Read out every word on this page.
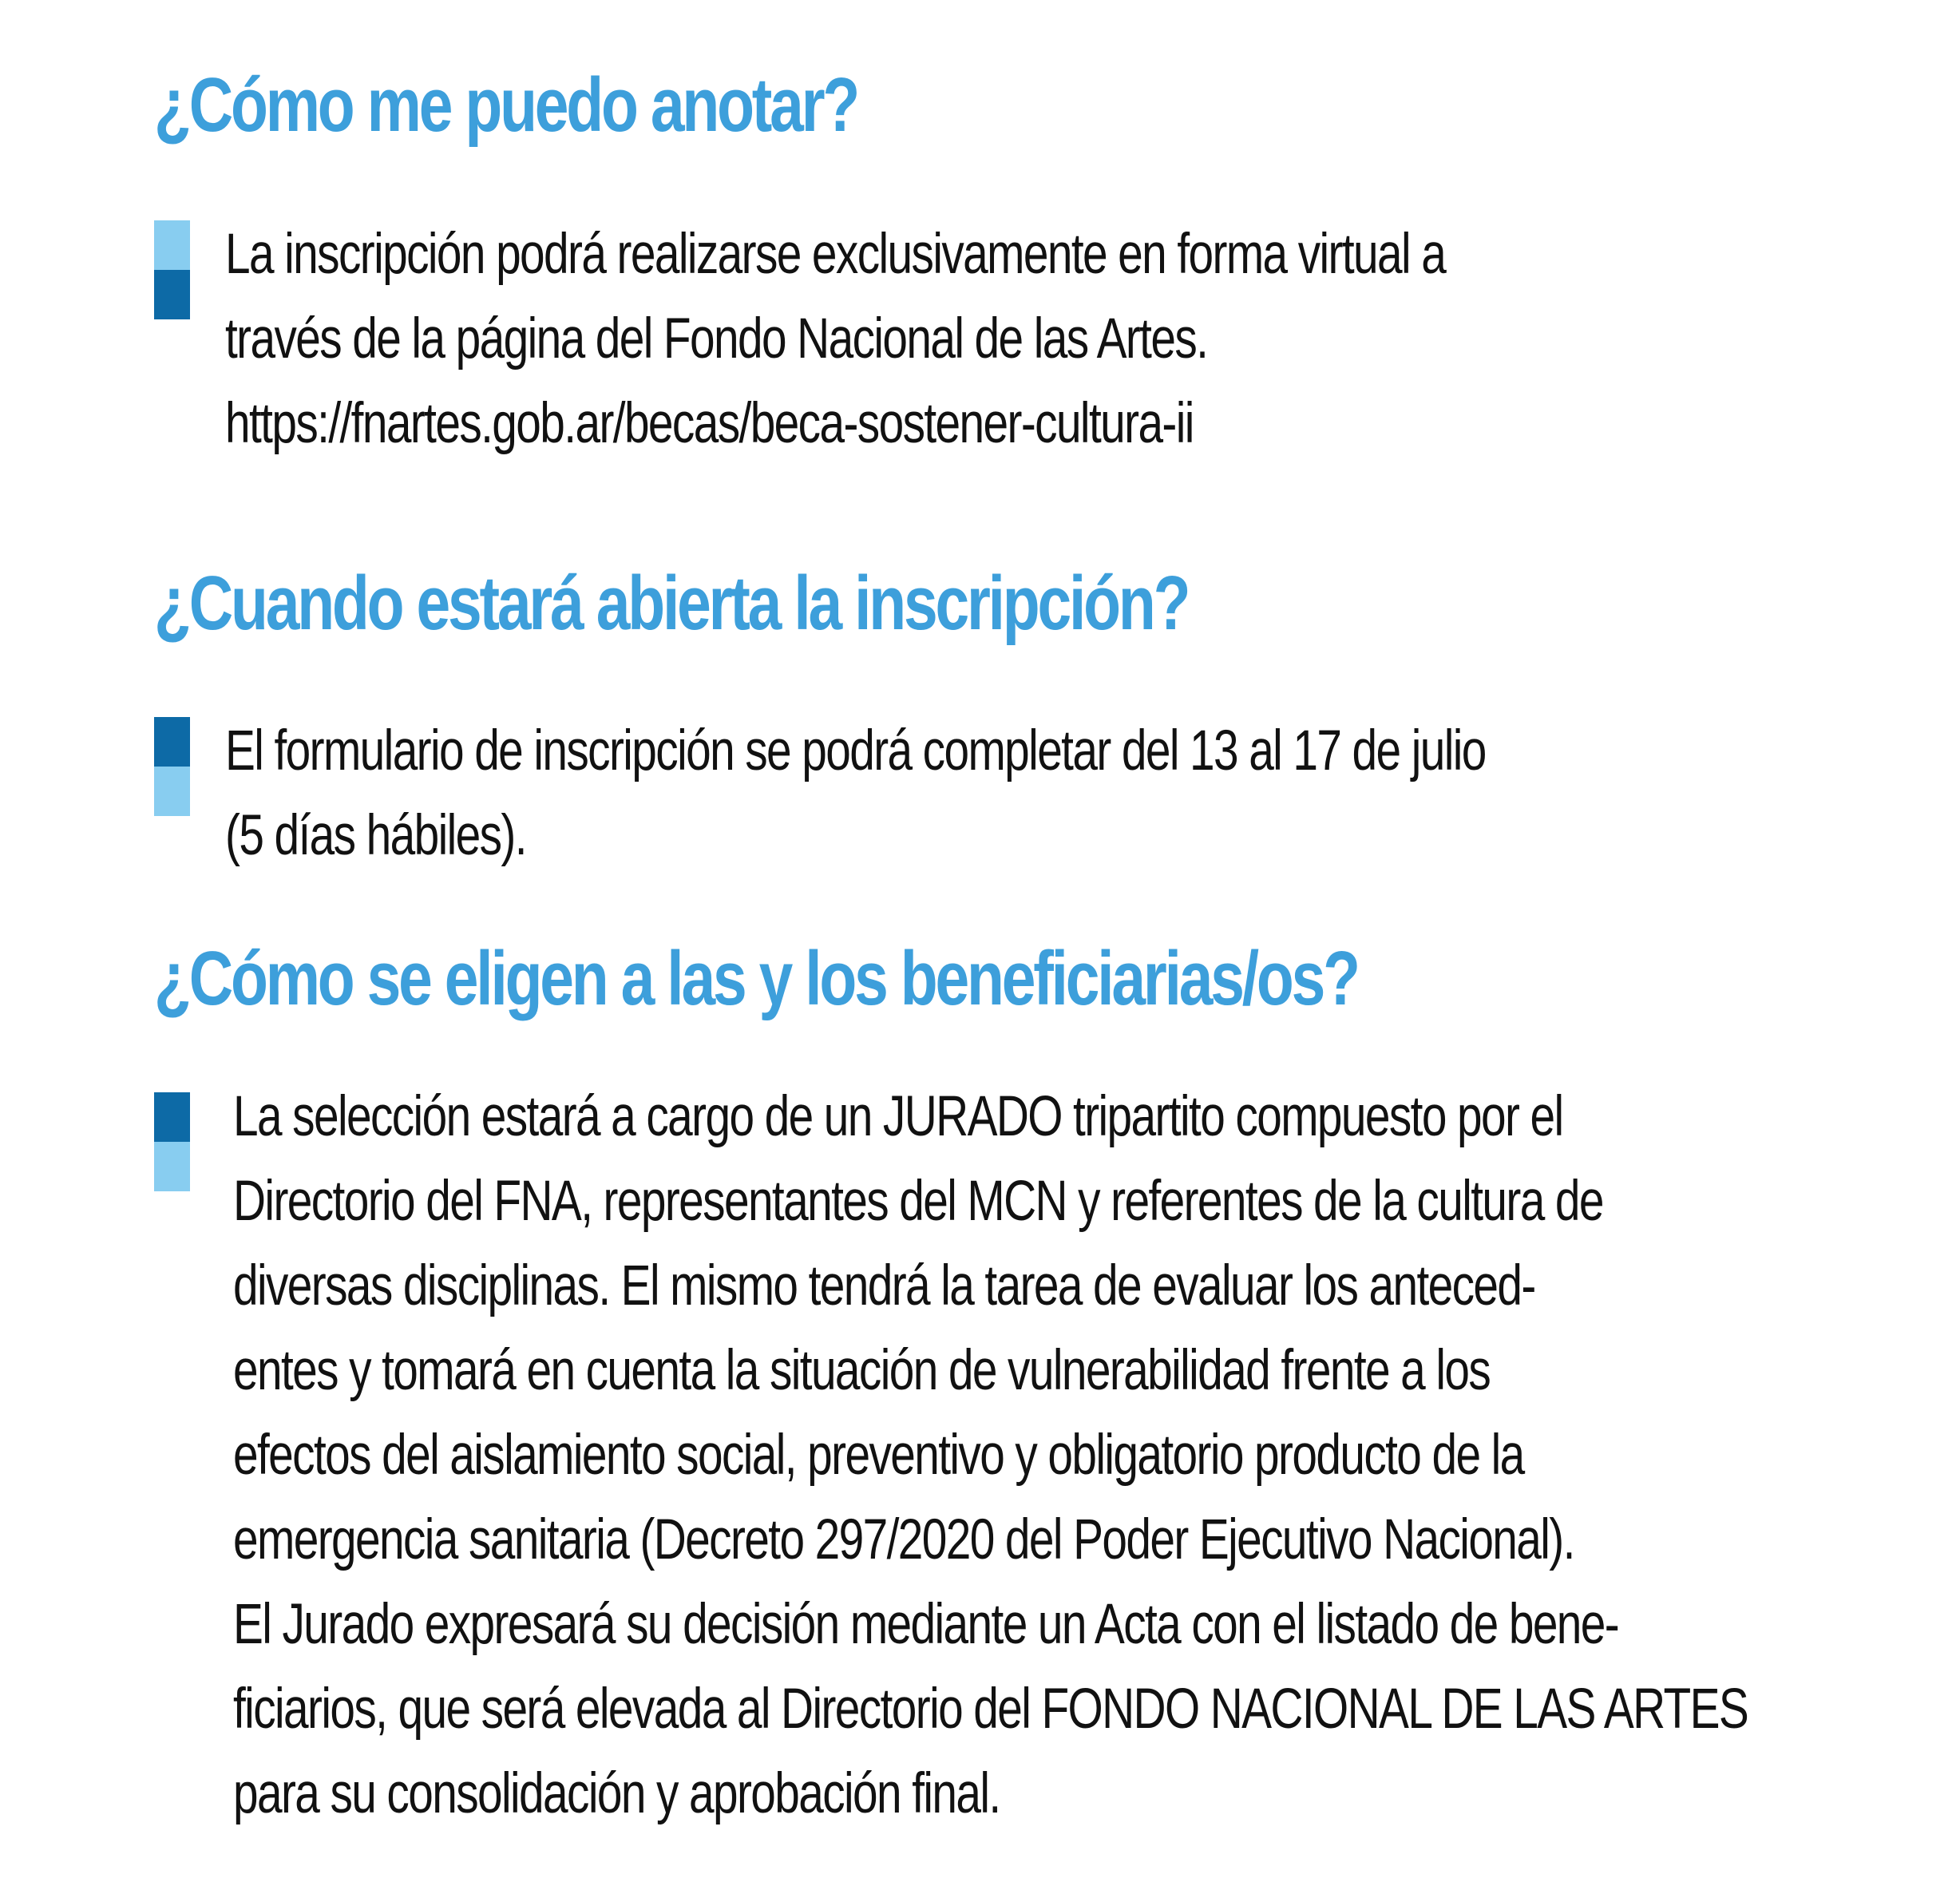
¿Cómo me puedo anotar?

La inscripción podrá realizarse exclusivamente en forma virtual a
través de la página del Fondo Nacional de las Artes.
https://fnartes.gob.ar/becas/beca-sostener-cultura-ii

¿Cuando estará abierta la inscripción?

El formulario de inscripción se podrá completar del 13 al 17 de julio
(5 días hábiles).

¿Cómo se eligen a las y los beneficiarias/os?

La selección estará a cargo de un JURADO tripartito compuesto por el
Directorio del FNA, representantes del MCN y referentes de la cultura de
diversas disciplinas. El mismo tendrá la tarea de evaluar los anteced-
entes y tomará en cuenta la situación de vulnerabilidad frente a los
efectos del aislamiento social, preventivo y obligatorio producto de la
emergencia sanitaria (Decreto 297/2020 del Poder Ejecutivo Nacional).
El Jurado expresará su decisión mediante un Acta con el listado de bene-
ficiarios, que será elevada al Directorio del FONDO NACIONAL DE LAS ARTES
para su consolidación y aprobación final.
